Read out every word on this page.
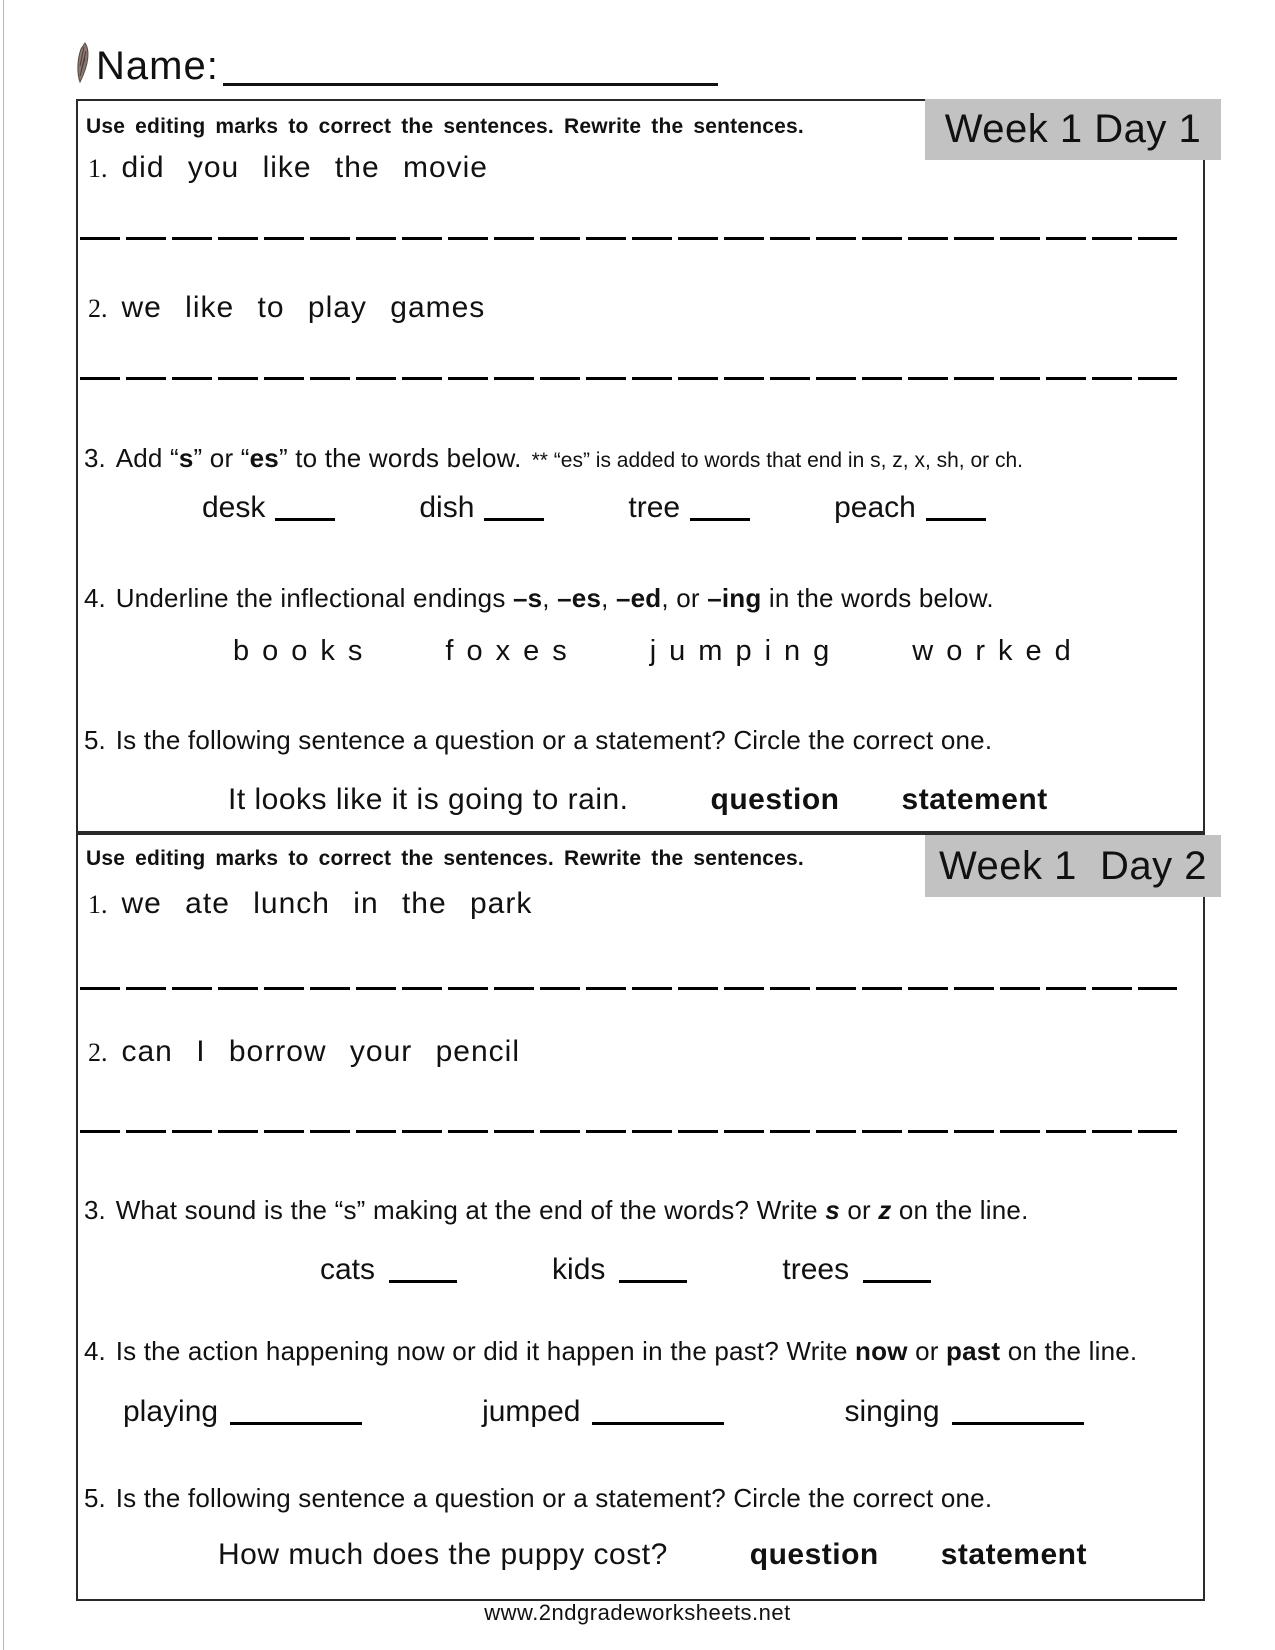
Name:
Week 1 Day 1
Use editing marks to correct the sentences. Rewrite the sentences.
1. did you like the movie
2. we like to play games
3. Add “s” or “es” to the words below. ** “es” is added to words that end in s, z, x, sh, or ch.
desk	dish	tree	peach
4. Underline the inflectional endings –s, –es, –ed, or –ing in the words below.
books foxes jumping worked
5. Is the following sentence a question or a statement? Circle the correct one.
It looks like it is going to rain.	question statement
Week 1  Day 2
Use editing marks to correct the sentences. Rewrite the sentences.
1. we ate lunch in the park
2. can I borrow your pencil
3. What sound is the “s” making at the end of the words? Write s or z on the line.
cats	kids	trees
4. Is the action happening now or did it happen in the past? Write now or past on the line.
playing	jumped	singing
5. Is the following sentence a question or a statement? Circle the correct one.
How much does the puppy cost?	question statement
www.2ndgradeworksheets.net
